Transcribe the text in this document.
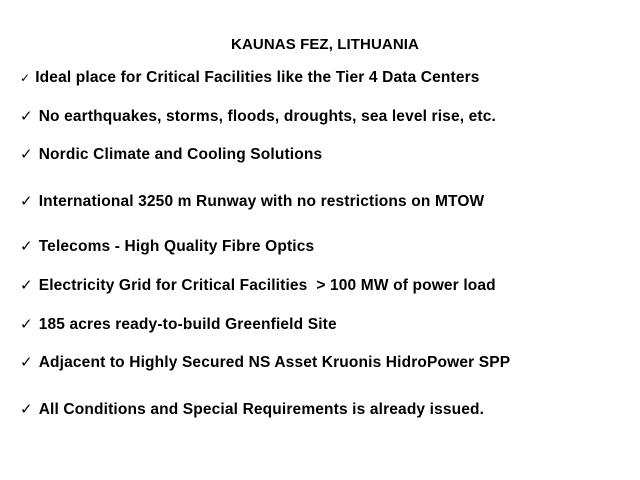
KAUNAS FEZ, LITHUANIA
✓ Ideal place for Critical Facilities like the Tier 4 Data Centers
✓ No earthquakes, storms, floods, droughts, sea level rise, etc.
✓ Nordic Climate and Cooling Solutions
✓ International 3250 m Runway with no restrictions on MTOW
✓ Telecoms - High Quality Fibre Optics
✓ Electricity Grid for Critical Facilities  > 100 MW of power load
✓ 185 acres ready-to-build Greenfield Site
✓ Adjacent to Highly Secured NS Asset Kruonis HidroPower SPP
✓ All Conditions and Special Requirements is already issued.
